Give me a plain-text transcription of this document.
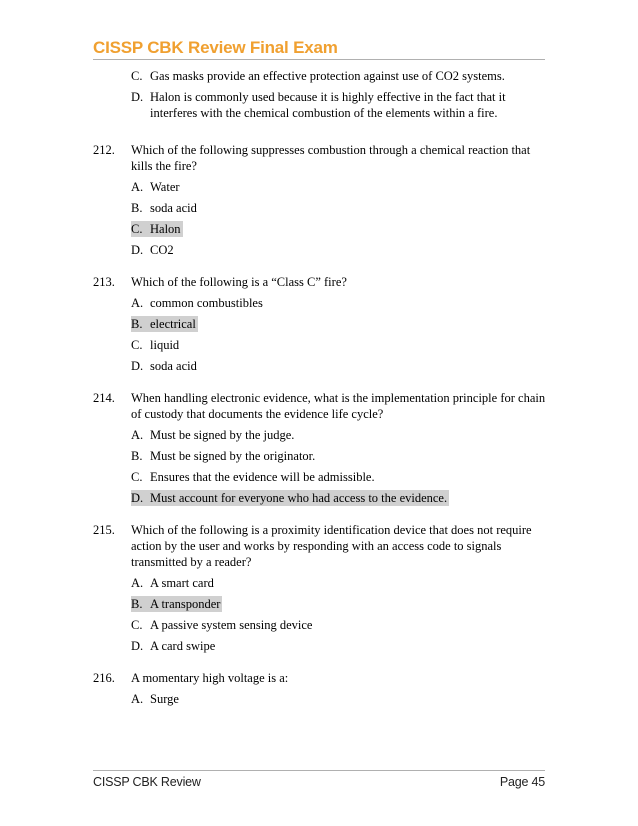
CISSP CBK Review Final Exam
C. Gas masks provide an effective protection against use of CO2 systems.
D. Halon is commonly used because it is highly effective in the fact that it interferes with the chemical combustion of the elements within a fire.
212.	Which of the following suppresses combustion through a chemical reaction that kills the fire?
A. Water
B. soda acid
C. Halon
D. CO2
213.	Which of the following is a “Class C” fire?
A. common combustibles
B. electrical
C. liquid
D. soda acid
214.	When handling electronic evidence, what is the implementation principle for chain of custody that documents the evidence life cycle?
A. Must be signed by the judge.
B. Must be signed by the originator.
C. Ensures that the evidence will be admissible.
D. Must account for everyone who had access to the evidence.
215.	Which of the following is a proximity identification device that does not require action by the user and works by responding with an access code to signals transmitted by a reader?
A. A smart card
B. A transponder
C. A passive system sensing device
D. A card swipe
216.	A momentary high voltage is a:
A. Surge
CISSP CBK Review	Page 45
